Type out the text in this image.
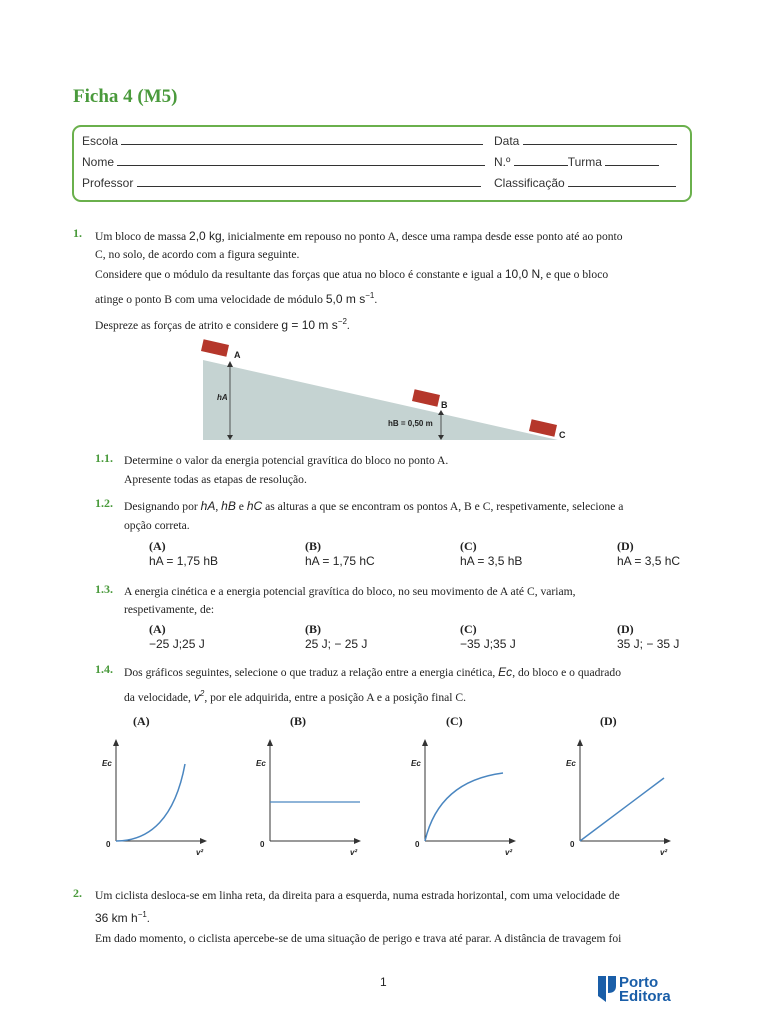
Ficha 4 (M5)
Escola	Data
Nome	N.º	Turma
Professor	Classificação
1. Um bloco de massa 2,0 kg, inicialmente em repouso no ponto A, desce uma rampa desde esse ponto até ao ponto
C, no solo, de acordo com a figura seguinte.
Considere que o módulo da resultante das forças que atua no bloco é constante e igual a 10,0 N, e que o bloco
atinge o ponto B com uma velocidade de módulo 5,0 m $s^{-1}$.
Despreze as forças de atrito e considere g = 10 m $s^{-2}$.
A
B
C
hA
hB = 0,50 m
1.1. Determine o valor da energia potencial gravítica do bloco no ponto A.
Apresente todas as etapas de resolução.
1.2. Designando por hA, hB e hC as alturas a que se encontram os pontos A, B e C, respetivamente, selecione a
opção correta.
(A)
hA = 1,75 hB
(B)
hA = 1,75 hC
(C)
hA = 3,5 hB
(D)
hA = 3,5 hC
1.3. A energia cinética e a energia potencial gravítica do bloco, no seu movimento de A até C, variam,
respetivamente, de:
(A)
−25 J;25 J
(B)
25 J; − 25 J
(C)
−35 J;35 J
(D)
35 J; − 35 J
1.4. Dos gráficos seguintes, selecione o que traduz a relação entre a energia cinética, Ec, do bloco e o quadrado
da velocidade, $v^2$, por ele adquirida, entre a posição A e a posição final C.
(A)	(B)	(C)	(D)
Ec
0
v²
Ec
0
v²
Ec
0
v²
Ec
0
v²
2. Um ciclista desloca-se em linha reta, da direita para a esquerda, numa estrada horizontal, com uma velocidade de
36 km $h^{-1}$.
Em dado momento, o ciclista apercebe-se de uma situação de perigo e trava até parar. A distância de travagem foi
1	Porto
Editora
